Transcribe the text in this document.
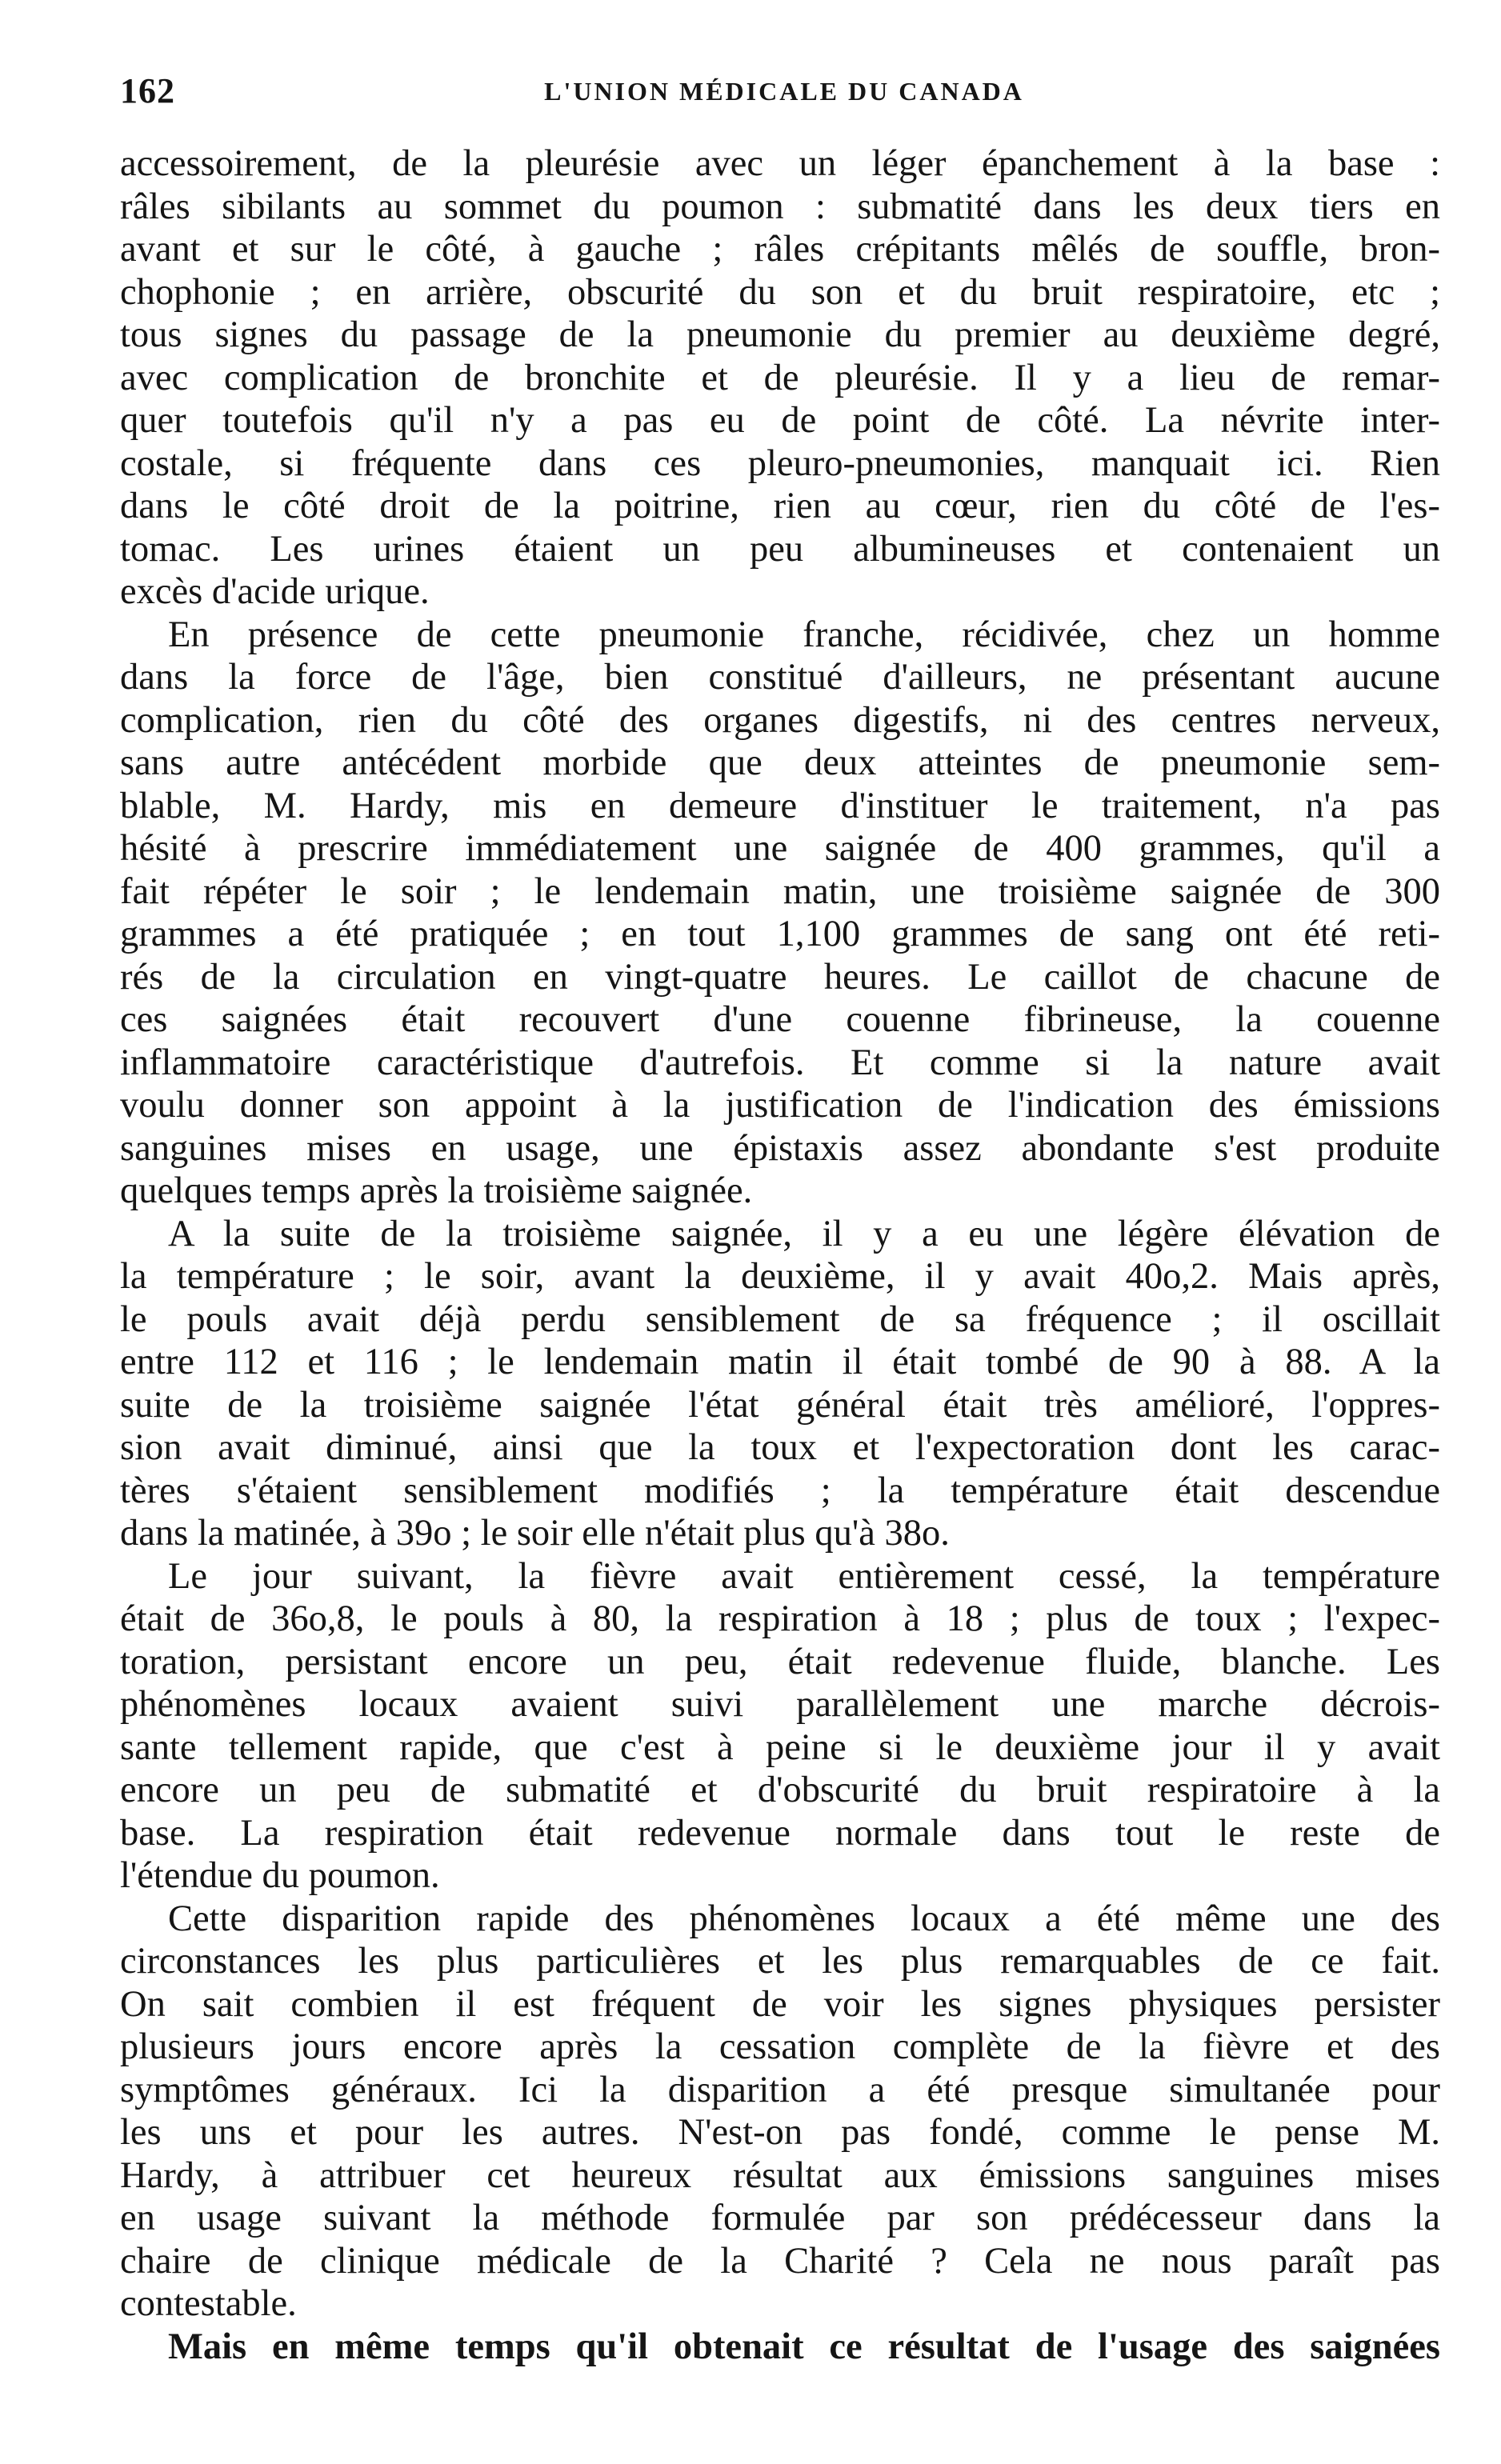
162	L'UNION MÉDICALE DU CANADA
accessoirement, de la pleurésie avec un léger épanchement à la base :
râles sibilants au sommet du poumon : submatité dans les deux tiers en
avant et sur le côté, à gauche ; râles crépitants mêlés de souffle, bron-
chophonie ; en arrière, obscurité du son et du bruit respiratoire, etc ;
tous signes du passage de la pneumonie du premier au deuxième degré,
avec complication de bronchite et de pleurésie. Il y a lieu de remar-
quer toutefois qu'il n'y a pas eu de point de côté. La névrite inter-
costale, si fréquente dans ces pleuro-pneumonies, manquait ici. Rien
dans le côté droit de la poitrine, rien au cœur, rien du côté de l'es-
tomac. Les urines étaient un peu albumineuses et contenaient un
excès d'acide urique.
En présence de cette pneumonie franche, récidivée, chez un homme
dans la force de l'âge, bien constitué d'ailleurs, ne présentant aucune
complication, rien du côté des organes digestifs, ni des centres nerveux,
sans autre antécédent morbide que deux atteintes de pneumonie sem-
blable, M. Hardy, mis en demeure d'instituer le traitement, n'a pas
hésité à prescrire immédiatement une saignée de 400 grammes, qu'il a
fait répéter le soir ; le lendemain matin, une troisième saignée de 300
grammes a été pratiquée ; en tout 1,100 grammes de sang ont été reti-
rés de la circulation en vingt-quatre heures. Le caillot de chacune de
ces saignées était recouvert d'une couenne fibrineuse, la couenne
inflammatoire caractéristique d'autrefois. Et comme si la nature avait
voulu donner son appoint à la justification de l'indication des émissions
sanguines mises en usage, une épistaxis assez abondante s'est produite
quelques temps après la troisième saignée.
A la suite de la troisième saignée, il y a eu une légère élévation de
la température ; le soir, avant la deuxième, il y avait 40o,2. Mais après,
le pouls avait déjà perdu sensiblement de sa fréquence ; il oscillait
entre 112 et 116 ; le lendemain matin il était tombé de 90 à 88. A la
suite de la troisième saignée l'état général était très amélioré, l'oppres-
sion avait diminué, ainsi que la toux et l'expectoration dont les carac-
tères s'étaient sensiblement modifiés ; la température était descendue
dans la matinée, à 39o ; le soir elle n'était plus qu'à 38o.
Le jour suivant, la fièvre avait entièrement cessé, la température
était de 36o,8, le pouls à 80, la respiration à 18 ; plus de toux ; l'expec-
toration, persistant encore un peu, était redevenue fluide, blanche. Les
phénomènes locaux avaient suivi parallèlement une marche décrois-
sante tellement rapide, que c'est à peine si le deuxième jour il y avait
encore un peu de submatité et d'obscurité du bruit respiratoire à la
base. La respiration était redevenue normale dans tout le reste de
l'étendue du poumon.
Cette disparition rapide des phénomènes locaux a été même une des
circonstances les plus particulières et les plus remarquables de ce fait.
On sait combien il est fréquent de voir les signes physiques persister
plusieurs jours encore après la cessation complète de la fièvre et des
symptômes généraux. Ici la disparition a été presque simultanée pour
les uns et pour les autres. N'est-on pas fondé, comme le pense M.
Hardy, à attribuer cet heureux résultat aux émissions sanguines mises
en usage suivant la méthode formulée par son prédécesseur dans la
chaire de clinique médicale de la Charité ? Cela ne nous paraît pas
contestable.
Mais en même temps qu'il obtenait ce résultat de l'usage des saignées
